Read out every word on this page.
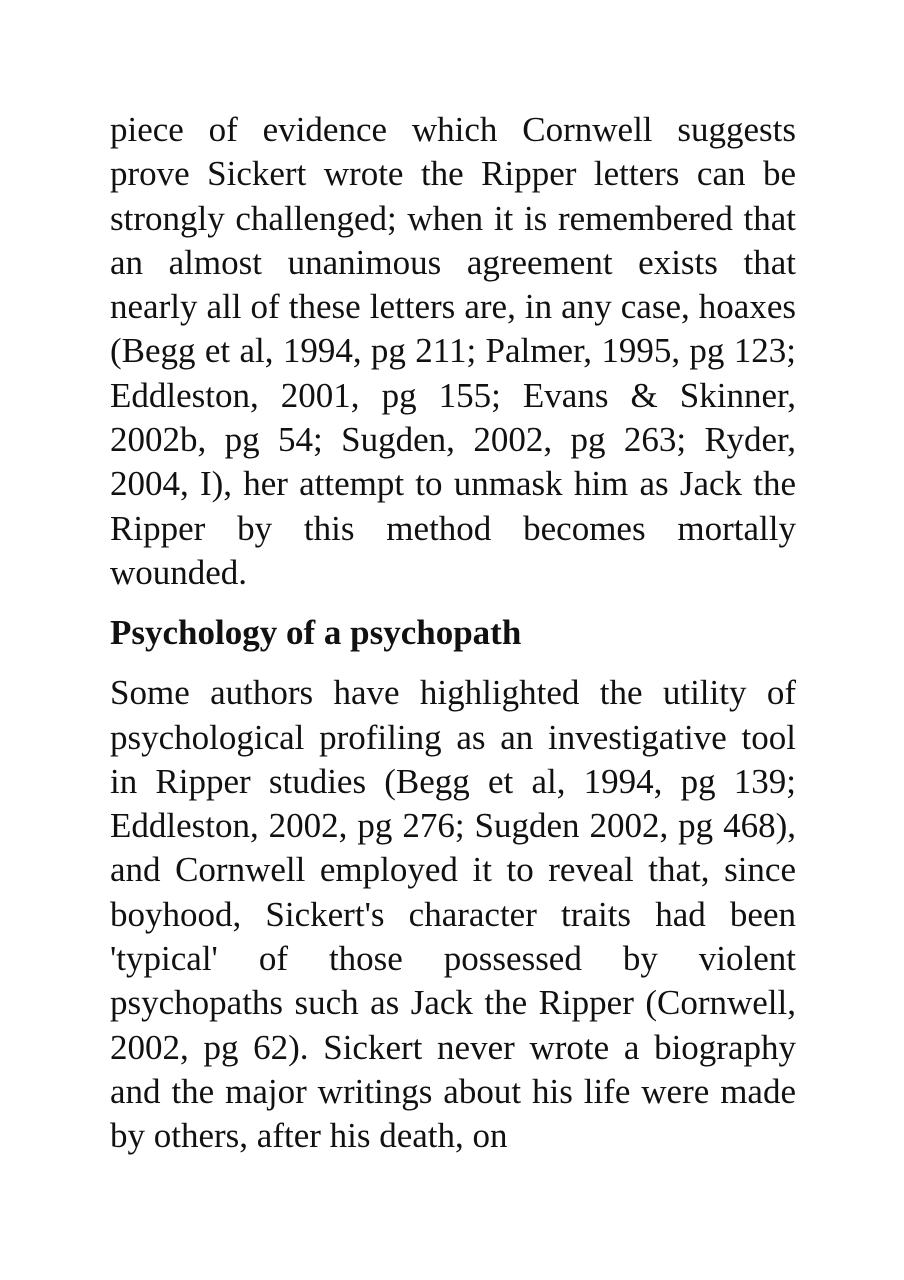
piece of evidence which Cornwell suggests prove Sickert wrote the Ripper letters can be strongly challenged; when it is remembered that an almost unanimous agreement exists that nearly all of these letters are, in any case, hoaxes (Begg et al, 1994, pg 211; Palmer, 1995, pg 123; Eddleston, 2001, pg 155; Evans & Skinner, 2002b, pg 54; Sugden, 2002, pg 263; Ryder, 2004, I), her attempt to unmask him as Jack the Ripper by this method becomes mortally wounded.

Psychology of a psychopath

Some authors have highlighted the utility of psychological profiling as an investigative tool in Ripper studies (Begg et al, 1994, pg 139; Eddleston, 2002, pg 276; Sugden 2002, pg 468), and Cornwell employed it to reveal that, since boyhood, Sickert's character traits had been 'typical' of those possessed by violent psychopaths such as Jack the Ripper (Cornwell, 2002, pg 62). Sickert never wrote a biography and the major writings about his life were made by others, after his death, on
